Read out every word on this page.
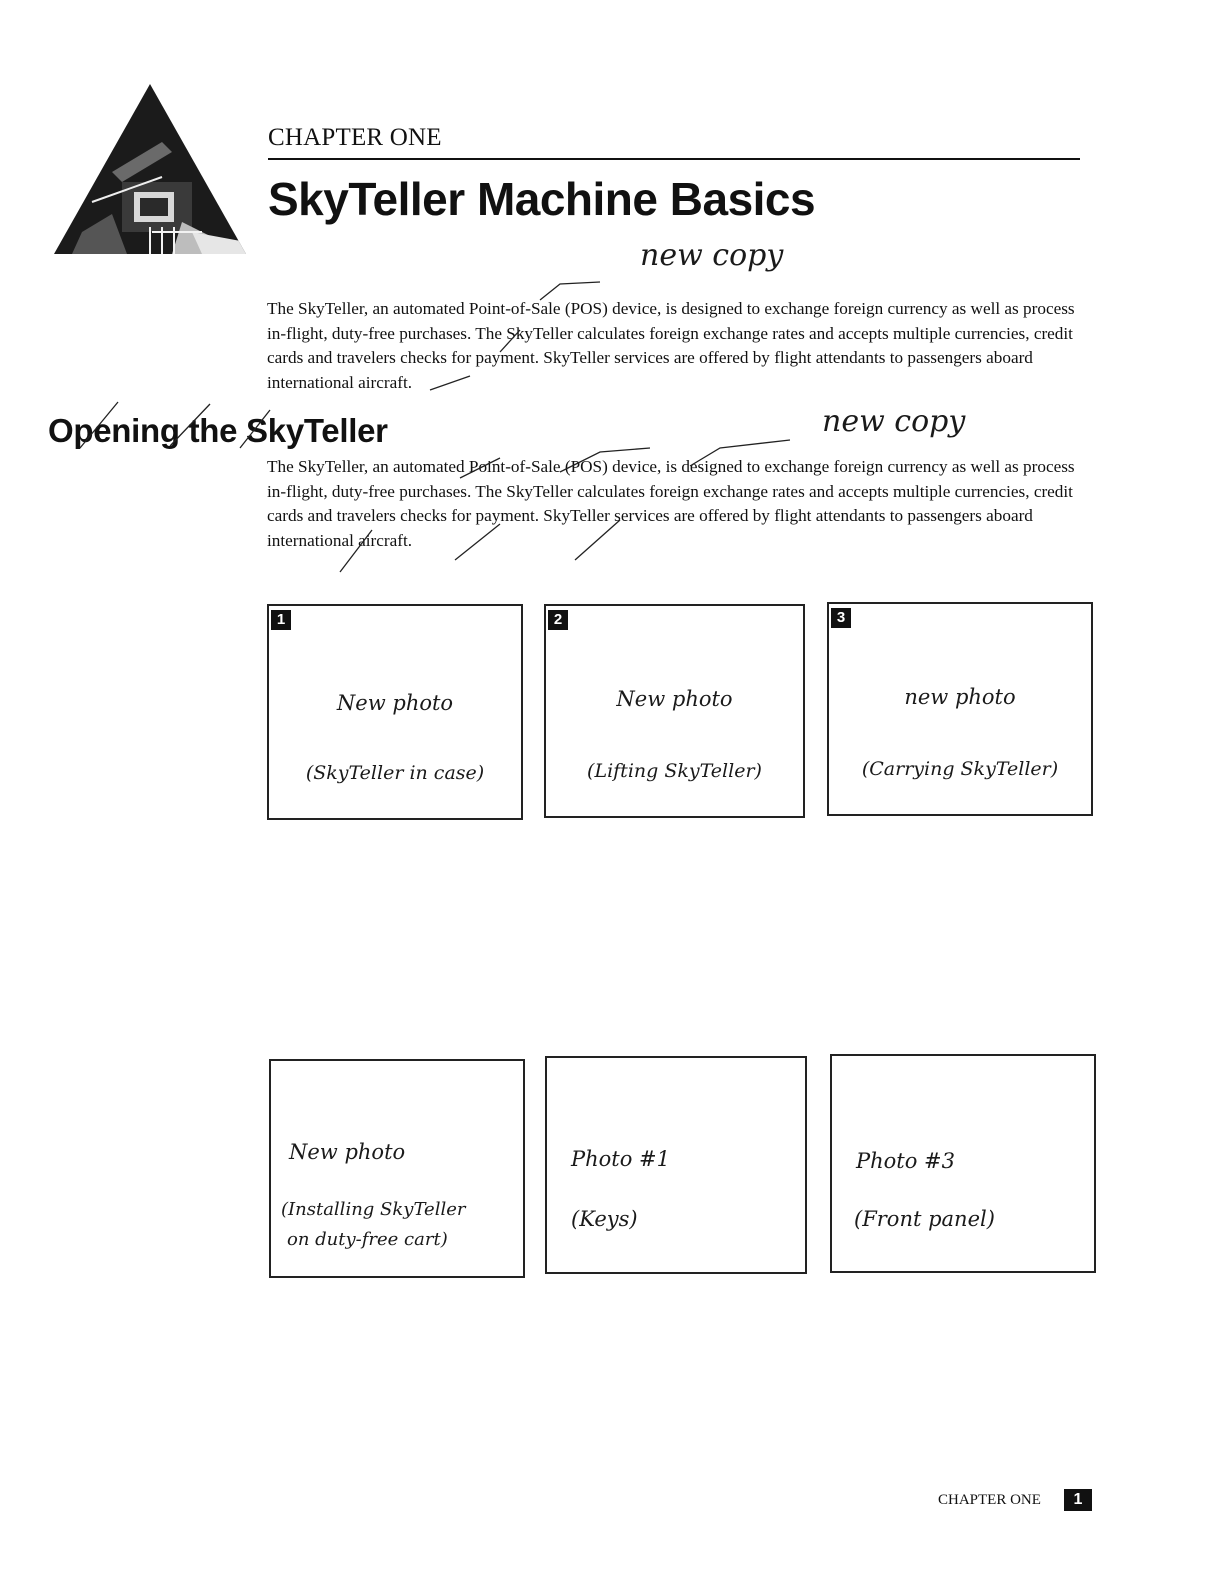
CHAPTER ONE
SkyTeller Machine Basics
new copy
The SkyTeller, an automated Point-of-Sale (POS) device, is designed to exchange foreign currency as well as process in-flight, duty-free purchases. The SkyTeller calculates foreign exchange rates and accepts multiple currencies, credit cards and travelers checks for payment. SkyTeller services are offered by flight attendants to passengers aboard international aircraft.
Opening the SkyTeller	new copy
The SkyTeller, an automated Point-of-Sale (POS) device, is designed to exchange foreign currency as well as process in-flight, duty-free purchases. The SkyTeller calculates foreign exchange rates and accepts multiple currencies, credit cards and travelers checks for payment. SkyTeller services are offered by flight attendants to passengers aboard international aircraft.
1
New photo
(SkyTeller in case)
2
New photo
(Lifting SkyTeller)
3
new photo
(Carrying SkyTeller)
New photo
(Installing SkyTeller
on duty-free cart)
Photo #1
(Keys)
Photo #3
(Front panel)
CHAPTER ONE	1
